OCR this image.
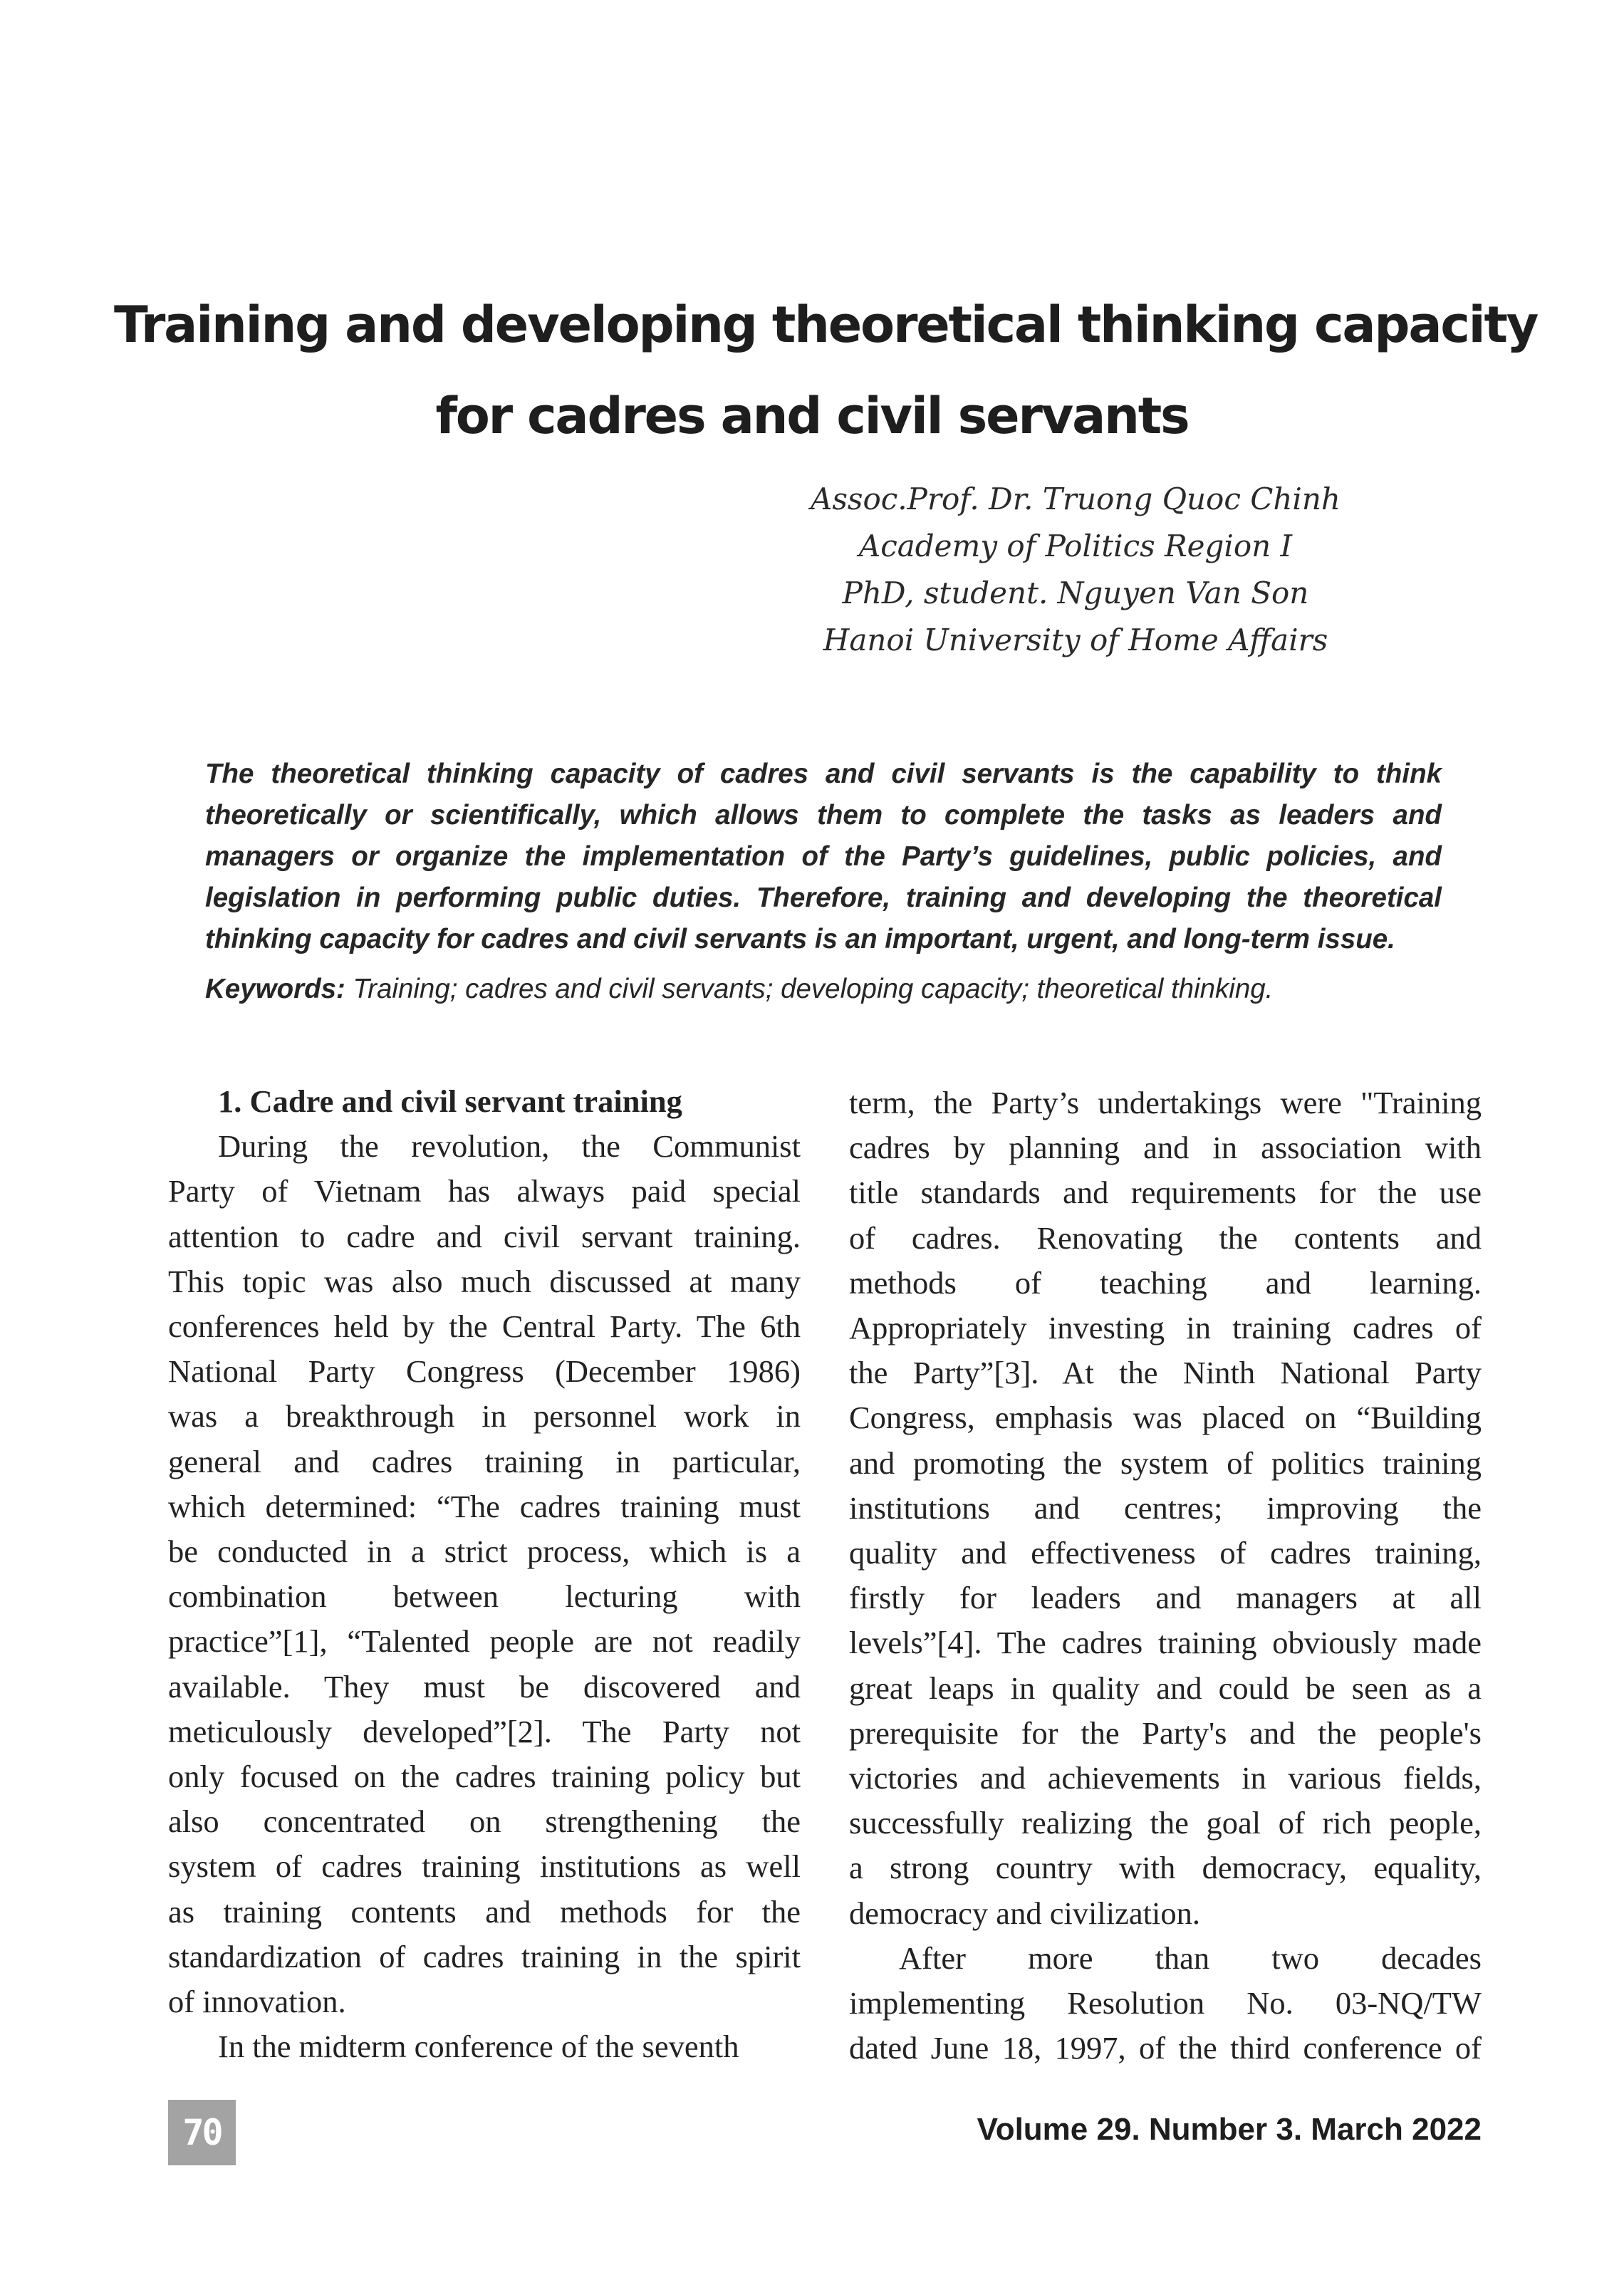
Training and developing theoretical thinking capacity
for cadres and civil servants
Assoc.Prof. Dr. Truong Quoc Chinh
Academy of Politics Region I
PhD, student. Nguyen Van Son
Hanoi University of Home Affairs
The theoretical thinking capacity of cadres and civil servants is the capability to think
theoretically or scientifically, which allows them to complete the tasks as leaders and
managers or organize the implementation of the Party’s guidelines, public policies, and
legislation in performing public duties. Therefore, training and developing the theoretical
thinking capacity for cadres and civil servants is an important, urgent, and long-term issue.
Keywords: Training; cadres and civil servants; developing capacity; theoretical thinking.
1. Cadre and civil servant training
During the revolution, the Communist
Party of Vietnam has always paid special
attention to cadre and civil servant training.
This topic was also much discussed at many
conferences held by the Central Party. The 6th
National Party Congress (December 1986)
was a breakthrough in personnel work in
general and cadres training in particular,
which determined: “The cadres training must
be conducted in a strict process, which is a
combination between lecturing with
practice”[1], “Talented people are not readily
available. They must be discovered and
meticulously developed”[2]. The Party not
only focused on the cadres training policy but
also concentrated on strengthening the
system of cadres training institutions as well
as training contents and methods for the
standardization of cadres training in the spirit
of innovation.
In the midterm conference of the seventh
term, the Party’s undertakings were "Training
cadres by planning and in association with
title standards and requirements for the use
of cadres. Renovating the contents and
methods of teaching and learning.
Appropriately investing in training cadres of
the Party”[3]. At the Ninth National Party
Congress, emphasis was placed on “Building
and promoting the system of politics training
institutions and centres; improving the
quality and effectiveness of cadres training,
firstly for leaders and managers at all
levels”[4]. The cadres training obviously made
great leaps in quality and could be seen as a
prerequisite for the Party's and the people's
victories and achievements in various fields,
successfully realizing the goal of rich people,
a strong country with democracy, equality,
democracy and civilization.
After more than two decades
implementing Resolution No. 03-NQ/TW
dated June 18, 1997, of the third conference of
70	Volume 29. Number 3. March 2022
